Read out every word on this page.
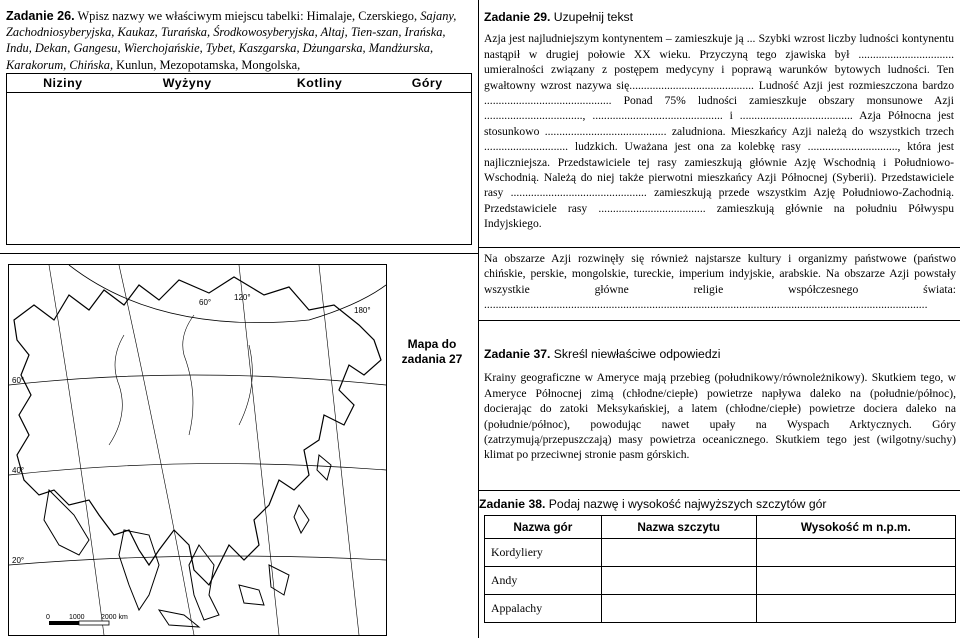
Zadanie 26. Wpisz nazwy we właściwym miejscu tabelki: Himalaje, Czerskiego, Sajany, Zachodniosyberyjska, Kaukaz, Turańska, Środkowosyberyjska, Altaj, Tien-szan, Irańska, Indu, Dekan, Gangesu, Wierchojańskie, Tybet, Kaszgarska, Dżungarska, Mandżurska, Karakorum, Chińska, Kunlun, Mezopotamska, Mongolska,
Niziny	Wyżyny	Kotliny	Góry

60°
120°
180°
60°
40°
20°
0	1000 2000 km
Mapa do
zadania 27
Zadanie 29. Uzupełnij tekst
Azja jest najludniejszym kontynentem – zamieszkuje ją ... Szybki wzrost liczby ludności kontynentu nastąpił w drugiej połowie XX wieku. Przyczyną tego zjawiska był ................................. umieralności związany z postępem medycyny i poprawą warunków bytowych ludności. Ten gwałtowny wzrost nazywa się........................................... Ludność Azji jest rozmieszczona bardzo ............................................ Ponad 75% ludności zamieszkuje obszary monsunowe Azji .................................., ............................................. i ....................................... Azja Północna jest stosunkowo .......................................... zaludniona. Mieszkańcy Azji należą do wszystkich trzech ............................. ludzkich. Uważana jest ona za kolebkę rasy ..............................., która jest najliczniejsza. Przedstawiciele tej rasy zamieszkują głównie Azję Wschodnią i Południowo-Wschodnią. Należą do niej także pierwotni mieszkańcy Azji Północnej (Syberii). Przedstawiciele rasy ............................................... zamieszkują przede wszystkim Azję Południowo-Zachodnią. Przedstawiciele rasy ..................................... zamieszkują głównie na południu Półwyspu Indyjskiego.
Na obszarze Azji rozwinęły się również najstarsze kultury i organizmy państwowe (państwo chińskie, perskie, mongolskie, tureckie, imperium indyjskie, arabskie. Na obszarze Azji powstały wszystkie główne religie współczesnego świata: .........................................................................................................................................................
Zadanie 37. Skreśl niewłaściwe odpowiedzi
Krainy geograficzne w Ameryce mają przebieg (południkowy/równoleżnikowy). Skutkiem tego, w Ameryce Północnej zimą (chłodne/ciepłe) powietrze napływa daleko na (południe/północ), docierając do zatoki Meksykańskiej, a latem (chłodne/ciepłe) powietrze dociera daleko na (południe/północ), powodując nawet upały na Wyspach Arktycznych. Góry (zatrzymują/przepuszczają) masy powietrza oceanicznego. Skutkiem tego jest (wilgotny/suchy) klimat po przeciwnej stronie pasm górskich.
Zadanie 38. Podaj nazwę i wysokość najwyższych szczytów gór
Nazwa gór	Nazwa szczytu	Wysokość m n.p.m.
Kordyliery		
Andy		
Appalachy		
